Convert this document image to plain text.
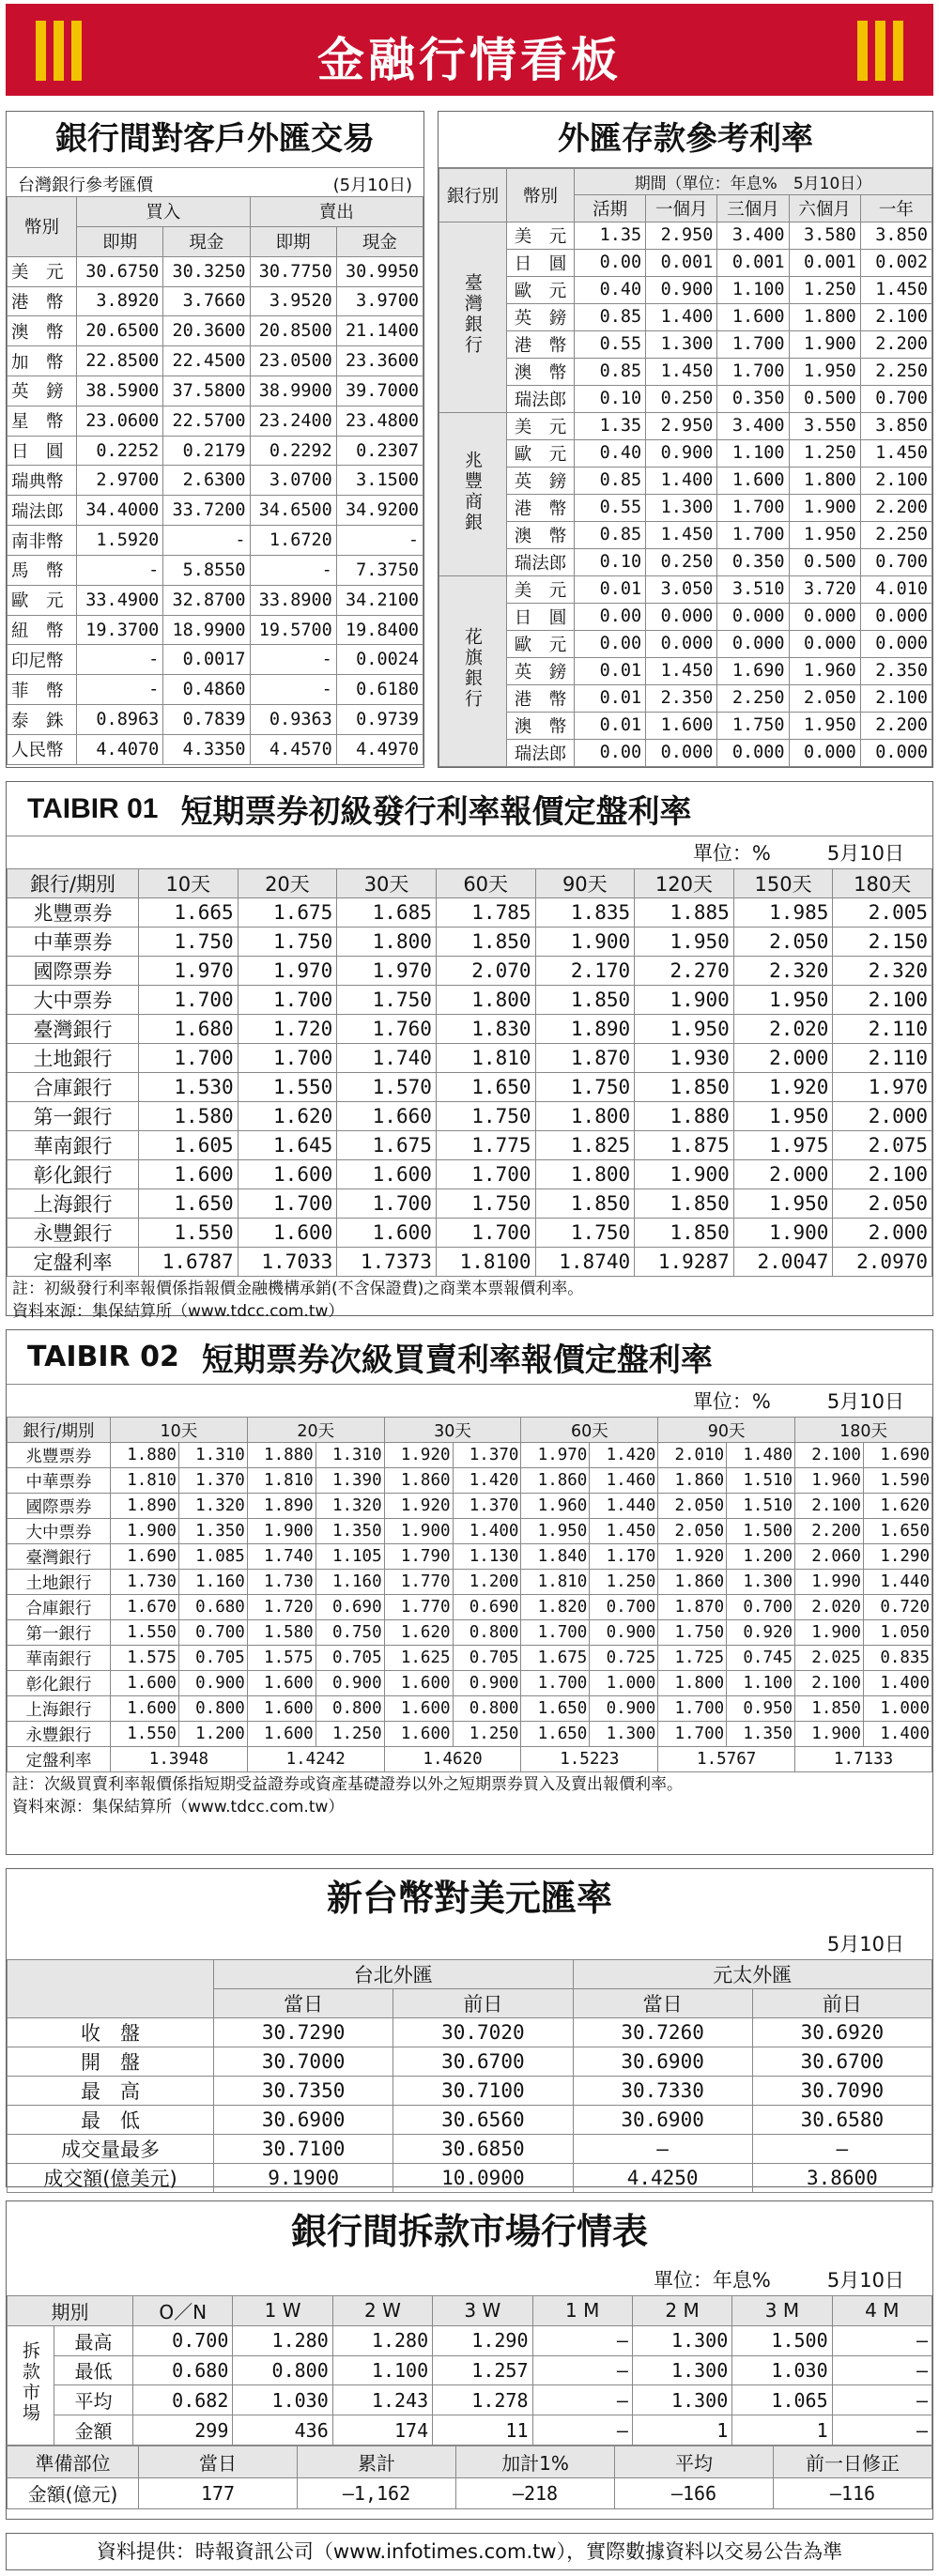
金融行情看板
銀行間對客戶外匯交易
台灣銀行參考匯價	(5月10日)
幣別	買入		賣出	
	即期	現金	即期	現金
美　元	30.6750	30.3250	30.7750	30.9950
港　幣	3.8920	3.7660	3.9520	3.9700
澳　幣	20.6500	20.3600	20.8500	21.1400
加　幣	22.8500	22.4500	23.0500	23.3600
英　鎊	38.5900	37.5800	38.9900	39.7000
星　幣	23.0600	22.5700	23.2400	23.4800
日　圓	0.2252	0.2179	0.2292	0.2307
瑞典幣	2.9700	2.6300	3.0700	3.1500
瑞法郎	34.4000	33.7200	34.6500	34.9200
南非幣	1.5920	-	1.6720	-
馬　幣	-	5.8550	-	7.3750
歐　元	33.4900	32.8700	33.8900	34.2100
紐　幣	19.3700	18.9900	19.5700	19.8400
印尼幣	-	0.0017	-	0.0024
菲　幣	-	0.4860	-	0.6180
泰　銖	0.8963	0.7839	0.9363	0.9739
人民幣	4.4070	4.3350	4.4570	4.4970
外匯存款參考利率
銀行別	幣別	期間（單位：年息%　5月10日）				
		活期	一個月	三個月	六個月	一年
臺灣銀行	美　元	1.35	2.950	3.400	3.580	3.850
	日　圓	0.00	0.001	0.001	0.001	0.002
	歐　元	0.40	0.900	1.100	1.250	1.450
	英　鎊	0.85	1.400	1.600	1.800	2.100
	港　幣	0.55	1.300	1.700	1.900	2.200
	澳　幣	0.85	1.450	1.700	1.950	2.250
	瑞法郎	0.10	0.250	0.350	0.500	0.700
兆豐商銀	美　元	1.35	2.950	3.400	3.550	3.850
	歐　元	0.40	0.900	1.100	1.250	1.450
	英　鎊	0.85	1.400	1.600	1.800	2.100
	港　幣	0.55	1.300	1.700	1.900	2.200
	澳　幣	0.85	1.450	1.700	1.950	2.250
	瑞法郎	0.10	0.250	0.350	0.500	0.700
花旗銀行	美　元	0.01	3.050	3.510	3.720	4.010
	日　圓	0.00	0.000	0.000	0.000	0.000
	歐　元	0.00	0.000	0.000	0.000	0.000
	英　鎊	0.01	1.450	1.690	1.960	2.350
	港　幣	0.01	2.350	2.250	2.050	2.100
	澳　幣	0.01	1.600	1.750	1.950	2.200
	瑞法郎	0.00	0.000	0.000	0.000	0.000
TAIBIR 01 短期票券初級發行利率報價定盤利率
單位：%	5月10日
銀行/期別	10天	20天	30天	60天	90天	120天	150天	180天
兆豐票券	1.665	1.675	1.685	1.785	1.835	1.885	1.985	2.005
中華票券	1.750	1.750	1.800	1.850	1.900	1.950	2.050	2.150
國際票券	1.970	1.970	1.970	2.070	2.170	2.270	2.320	2.320
大中票券	1.700	1.700	1.750	1.800	1.850	1.900	1.950	2.100
臺灣銀行	1.680	1.720	1.760	1.830	1.890	1.950	2.020	2.110
土地銀行	1.700	1.700	1.740	1.810	1.870	1.930	2.000	2.110
合庫銀行	1.530	1.550	1.570	1.650	1.750	1.850	1.920	1.970
第一銀行	1.580	1.620	1.660	1.750	1.800	1.880	1.950	2.000
華南銀行	1.605	1.645	1.675	1.775	1.825	1.875	1.975	2.075
彰化銀行	1.600	1.600	1.600	1.700	1.800	1.900	2.000	2.100
上海銀行	1.650	1.700	1.700	1.750	1.850	1.850	1.950	2.050
永豐銀行	1.550	1.600	1.600	1.700	1.750	1.850	1.900	2.000
定盤利率	1.6787	1.7033	1.7373	1.8100	1.8740	1.9287	2.0047	2.0970
註：初級發行利率報價係指報價金融機構承銷(不含保證費)之商業本票報價利率。
資料來源：集保結算所（www.tdcc.com.tw）
TAIBIR 02 短期票券次級買賣利率報價定盤利率
單位：%	5月10日
銀行/期別	10天		20天		30天		60天		90天		180天	
兆豐票券	1.880	1.310	1.880	1.310	1.920	1.370	1.970	1.420	2.010	1.480	2.100	1.690
中華票券	1.810	1.370	1.810	1.390	1.860	1.420	1.860	1.460	1.860	1.510	1.960	1.590
國際票券	1.890	1.320	1.890	1.320	1.920	1.370	1.960	1.440	2.050	1.510	2.100	1.620
大中票券	1.900	1.350	1.900	1.350	1.900	1.400	1.950	1.450	2.050	1.500	2.200	1.650
臺灣銀行	1.690	1.085	1.740	1.105	1.790	1.130	1.840	1.170	1.920	1.200	2.060	1.290
土地銀行	1.730	1.160	1.730	1.160	1.770	1.200	1.810	1.250	1.860	1.300	1.990	1.440
合庫銀行	1.670	0.680	1.720	0.690	1.770	0.690	1.820	0.700	1.870	0.700	2.020	0.720
第一銀行	1.550	0.700	1.580	0.750	1.620	0.800	1.700	0.900	1.750	0.920	1.900	1.050
華南銀行	1.575	0.705	1.575	0.705	1.625	0.705	1.675	0.725	1.725	0.745	2.025	0.835
彰化銀行	1.600	0.900	1.600	0.900	1.600	0.900	1.700	1.000	1.800	1.100	2.100	1.400
上海銀行	1.600	0.800	1.600	0.800	1.600	0.800	1.650	0.900	1.700	0.950	1.850	1.000
永豐銀行	1.550	1.200	1.600	1.250	1.600	1.250	1.650	1.300	1.700	1.350	1.900	1.400
定盤利率	1.3948		1.4242		1.4620		1.5223		1.5767		1.7133	
註：次級買賣利率報價係指短期受益證券或資產基礎證券以外之短期票券買入及賣出報價利率。
資料來源：集保結算所（www.tdcc.com.tw）
新台幣對美元匯率
5月10日
	台北外匯		元太外匯	
	當日	前日	當日	前日
收　盤	30.7290	30.7020	30.7260	30.6920
開　盤	30.7000	30.6700	30.6900	30.6700
最　高	30.7350	30.7100	30.7330	30.7090
最　低	30.6900	30.6560	30.6900	30.6580
成交量最多	30.7100	30.6850	–	–
成交額(億美元)	9.1900	10.0900	4.4250	3.8600
銀行間拆款市場行情表
單位：年息%	5月10日
期別		O／N	1 W	2 W	3 W	1 M	2 M	3 M	4 M
拆款市場	最高	0.700	1.280	1.280	1.290	–	1.300	1.500	–
	最低	0.680	0.800	1.100	1.257	–	1.300	1.030	–
	平均	0.682	1.030	1.243	1.278	–	1.300	1.065	–
	金額	299	436	174	11	–	1	1	–
準備部位	當日	累計	加計1%	平均	前一日修正
金額(億元)	177	–1,162	–218	–166	–116
資料提供：時報資訊公司（www.infotimes.com.tw），實際數據資料以交易公告為準
